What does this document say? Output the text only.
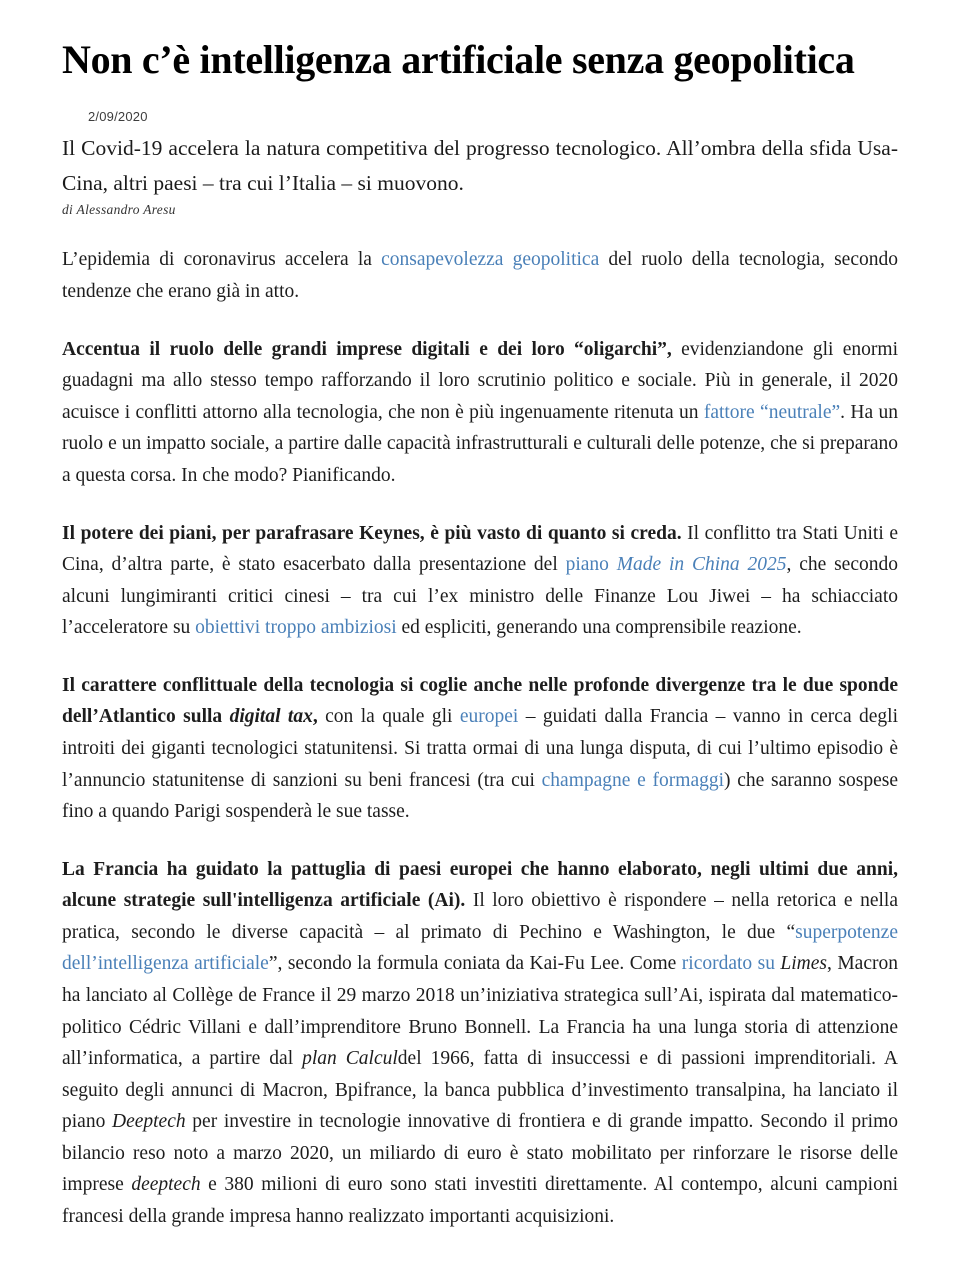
Non c’è intelligenza artificiale senza geopolitica
2/09/2020
Il Covid-19 accelera la natura competitiva del progresso tecnologico. All’ombra della sfida Usa-Cina, altri paesi – tra cui l’Italia – si muovono.
di Alessandro Aresu

L’epidemia di coronavirus accelera la consapevolezza geopolitica del ruolo della tecnologia, secondo tendenze che erano già in atto.

Accentua il ruolo delle grandi imprese digitali e dei loro “oligarchi”, evidenziandone gli enormi guadagni ma allo stesso tempo rafforzando il loro scrutinio politico e sociale. Più in generale, il 2020 acuisce i conflitti attorno alla tecnologia, che non è più ingenuamente ritenuta un fattore “neutrale”. Ha un ruolo e un impatto sociale, a partire dalle capacità infrastrutturali e culturali delle potenze, che si preparano a questa corsa. In che modo? Pianificando.

Il potere dei piani, per parafrasare Keynes, è più vasto di quanto si creda. Il conflitto tra Stati Uniti e Cina, d’altra parte, è stato esacerbato dalla presentazione del piano Made in China 2025, che secondo alcuni lungimiranti critici cinesi – tra cui l’ex ministro delle Finanze Lou Jiwei – ha schiacciato l’acceleratore su obiettivi troppo ambiziosi ed espliciti, generando una comprensibile reazione.

Il carattere conflittuale della tecnologia si coglie anche nelle profonde divergenze tra le due sponde dell’Atlantico sulla digital tax, con la quale gli europei – guidati dalla Francia – vanno in cerca degli introiti dei giganti tecnologici statunitensi. Si tratta ormai di una lunga disputa, di cui l’ultimo episodio è l’annuncio statunitense di sanzioni su beni francesi (tra cui champagne e formaggi) che saranno sospese fino a quando Parigi sospenderà le sue tasse.

La Francia ha guidato la pattuglia di paesi europei che hanno elaborato, negli ultimi due anni, alcune strategie sull'intelligenza artificiale (Ai). Il loro obiettivo è rispondere – nella retorica e nella pratica, secondo le diverse capacità – al primato di Pechino e Washington, le due “superpotenze dell’intelligenza artificiale”, secondo la formula coniata da Kai-Fu Lee. Come ricordato su Limes, Macron ha lanciato al Collège de France il 29 marzo 2018 un’iniziativa strategica sull’Ai, ispirata dal matematico-politico Cédric Villani e dall’imprenditore Bruno Bonnell. La Francia ha una lunga storia di attenzione all’informatica, a partire dal plan Calculdel 1966, fatta di insuccessi e di passioni imprenditoriali. A seguito degli annunci di Macron, Bpifrance, la banca pubblica d’investimento transalpina, ha lanciato il piano Deeptech per investire in tecnologie innovative di frontiera e di grande impatto. Secondo il primo bilancio reso noto a marzo 2020, un miliardo di euro è stato mobilitato per rinforzare le risorse delle imprese deeptech e 380 milioni di euro sono stati investiti direttamente. Al contempo, alcuni campioni francesi della grande impresa hanno realizzato importanti acquisizioni.
